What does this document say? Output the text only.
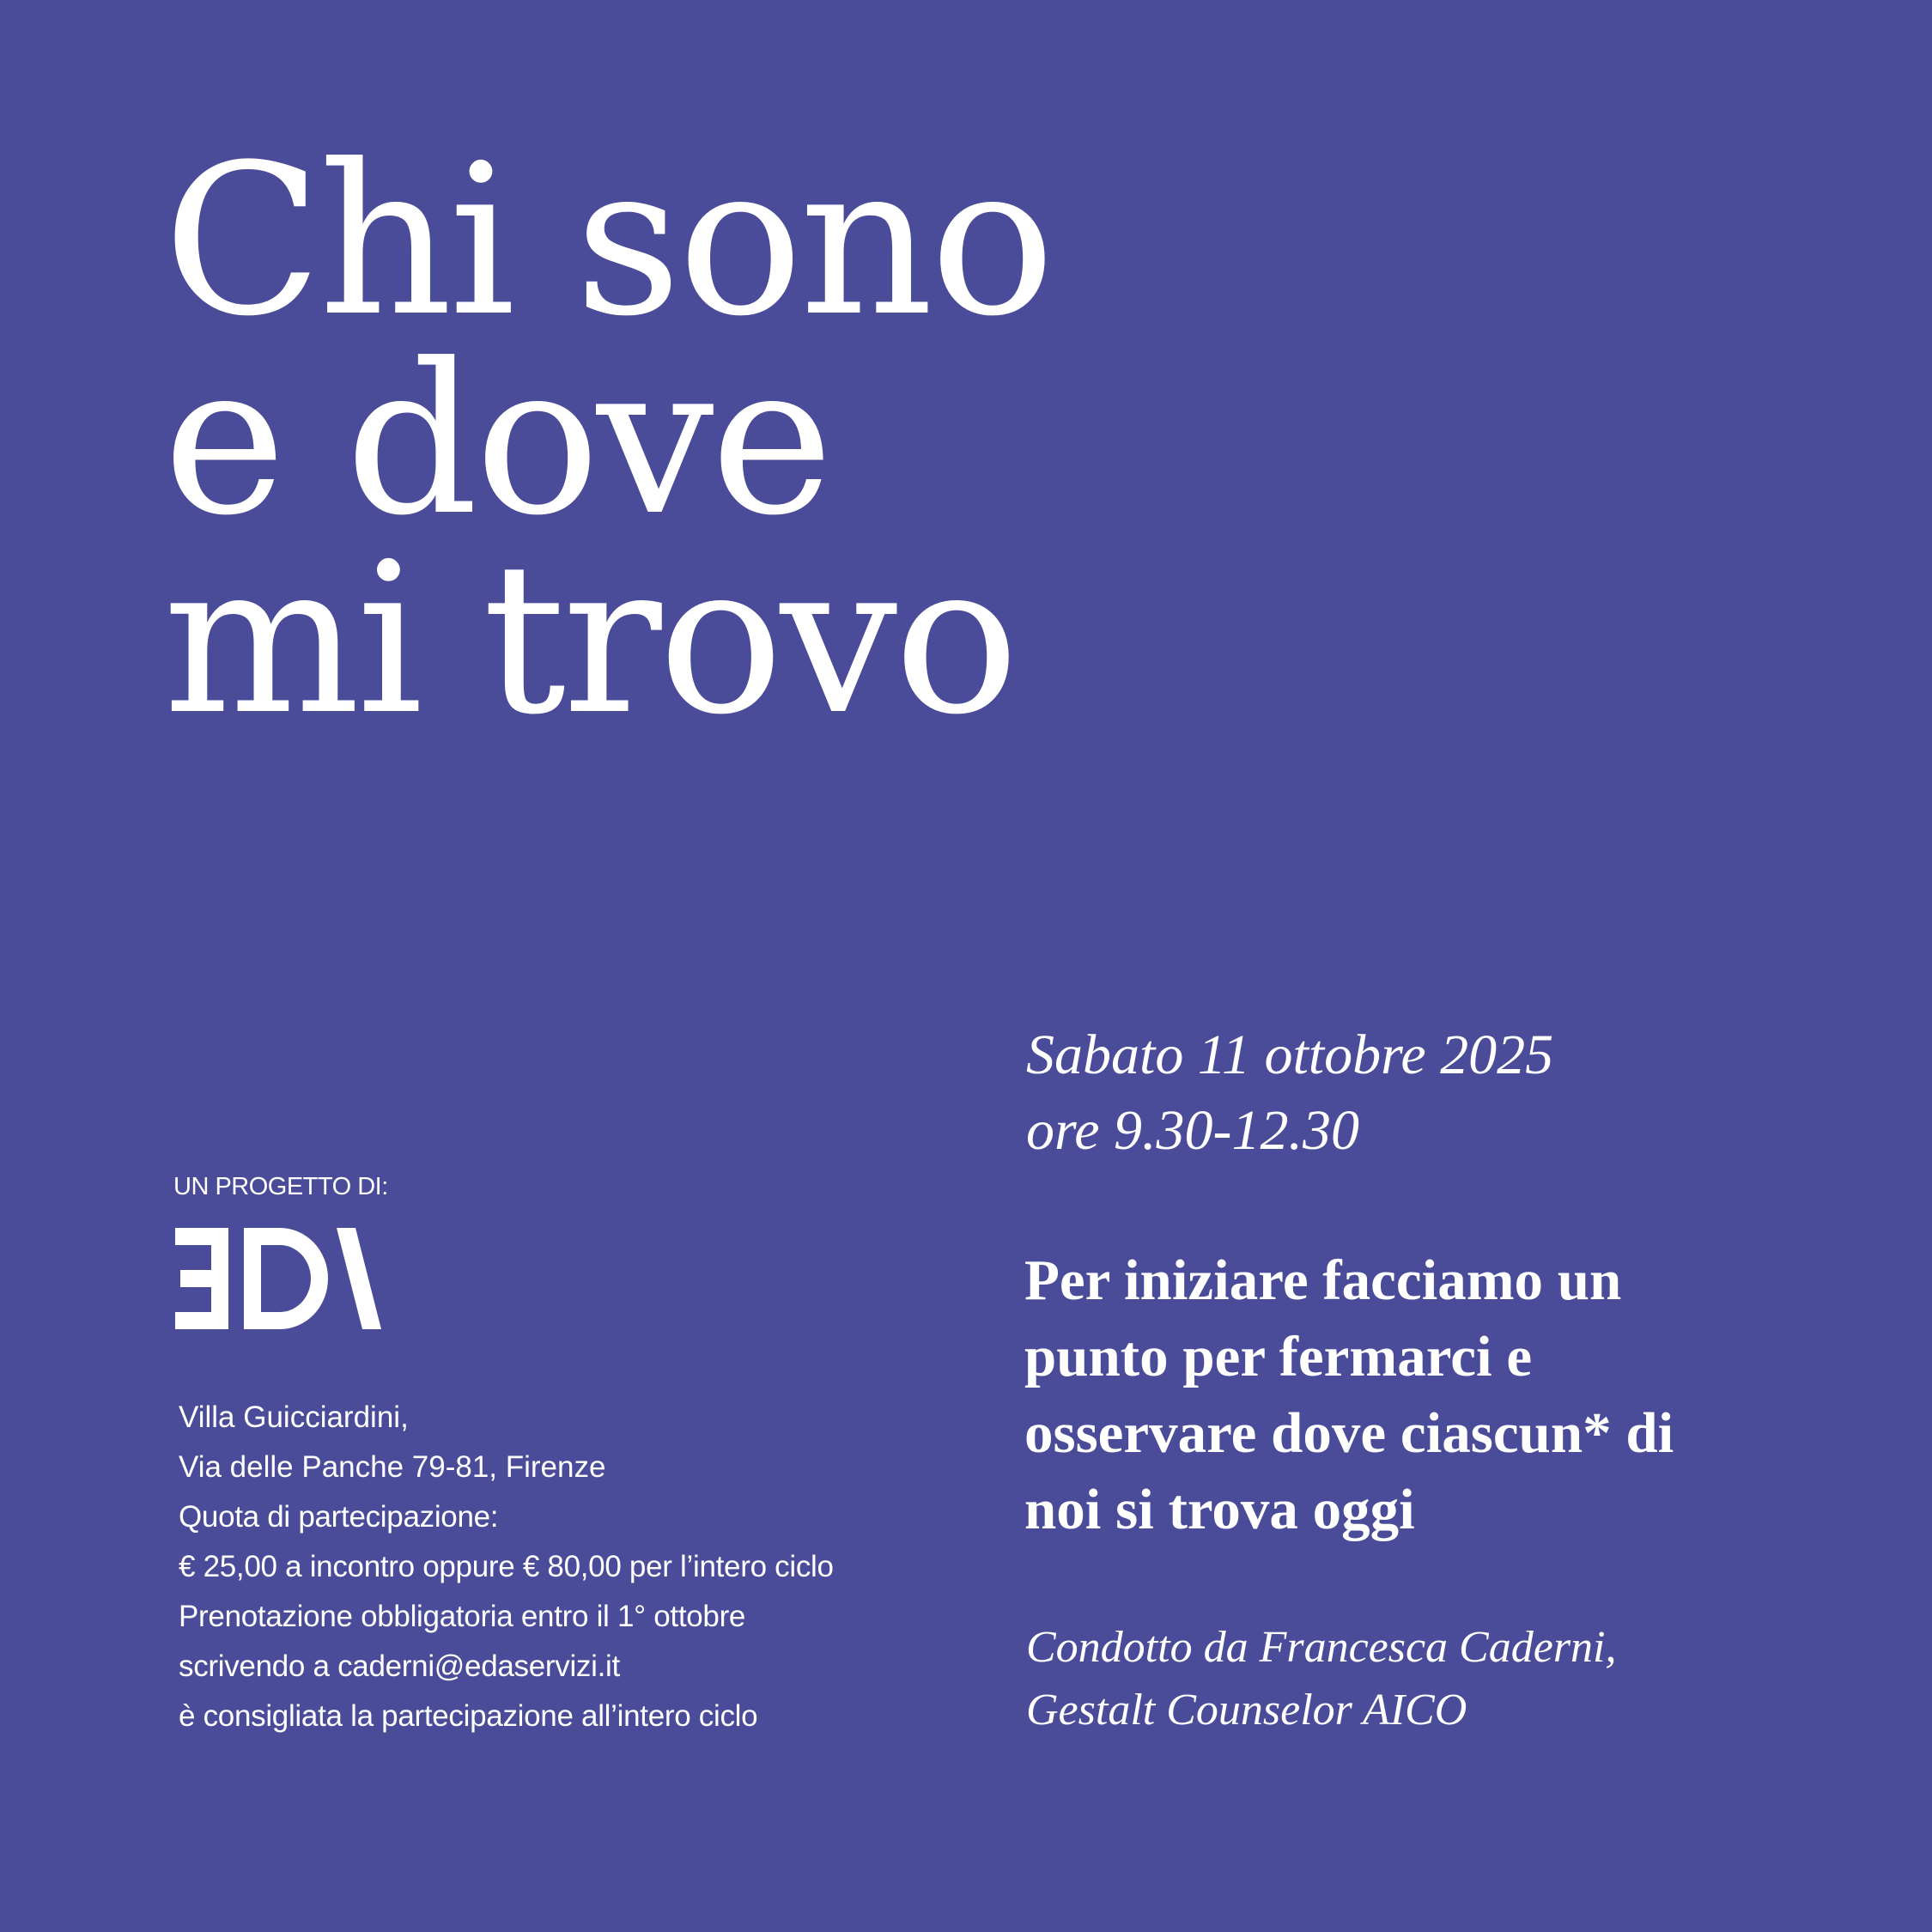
Chi sono
e dove
mi trovo
Sabato 11 ottobre 2025
ore 9.30-12.30
Per iniziare facciamo un
punto per fermarci e
osservare dove ciascun* di
noi si trova oggi
Condotto da Francesca Caderni,
Gestalt Counselor AICO
UN PROGETTO DI:
Villa Guicciardini,
Via delle Panche 79-81, Firenze
Quota di partecipazione:
€ 25,00 a incontro oppure € 80,00 per l’intero ciclo
Prenotazione obbligatoria entro il 1° ottobre
scrivendo a caderni@edaservizi.it
è consigliata la partecipazione all’intero ciclo
